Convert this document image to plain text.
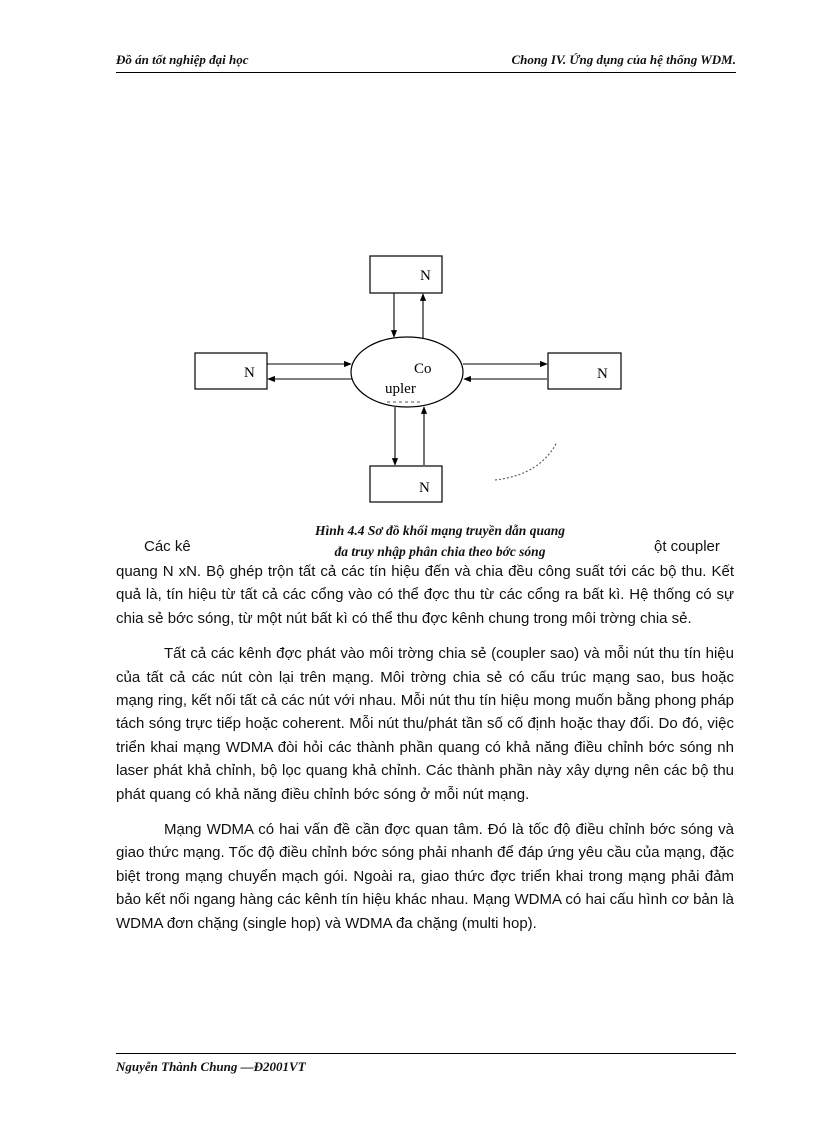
Đồ án tốt nghiệp đại học	Chong IV. Ứng dụng của hệ thống WDM.
N
N	N
N
Co
upler
Hình 4.4 Sơ đồ khối mạng truyền dẫn quang
đa truy nhập phân chia theo bớc sóng
Các kê	ột coupler

quang N xN. Bộ ghép trộn tất cả các tín hiệu đến và chia đều công suất tới các bộ thu. Kết quả là, tín hiệu từ tất cả các cổng vào có thể đợc thu từ các cổng ra bất kì. Hệ thống có sự chia sẻ bớc sóng, từ một nút bất kì có thể thu đợc kênh chung trong môi trờng chia sẻ.

Tất cả các kênh đợc phát vào môi trờng chia sẻ (coupler sao) và mỗi nút thu tín hiệu của tất cả các nút còn lại trên mạng. Môi trờng chia sẻ có cấu trúc mạng sao, bus hoặc mạng ring, kết nối tất cả các nút với nhau. Mỗi nút thu tín hiệu mong muốn bằng phong pháp tách sóng trực tiếp hoặc coherent. Mỗi nút thu/phát tần số cố định hoặc thay đổi. Do đó, việc triển khai mạng WDMA đòi hỏi các thành phần quang có khả năng điều chỉnh bớc sóng nh laser phát khả chỉnh, bộ lọc quang khả chỉnh. Các thành phần này xây dựng nên các bộ thu phát quang có khả năng điều chỉnh bớc sóng ở mỗi nút mạng.

Mạng WDMA có hai vấn đề cần đợc quan tâm. Đó là tốc độ điều chỉnh bớc sóng và giao thức mạng. Tốc độ điều chỉnh bớc sóng phải nhanh để đáp ứng yêu cầu của mạng, đặc biệt trong mạng chuyển mạch gói. Ngoài ra, giao thức đợc triển khai trong mạng phải đảm bảo kết nối ngang hàng các kênh tín hiệu khác nhau. Mạng WDMA có hai cấu hình cơ bản là WDMA đơn chặng (single hop) và WDMA đa chặng (multi hop).

Nguyễn Thành Chung —Đ2001VT
